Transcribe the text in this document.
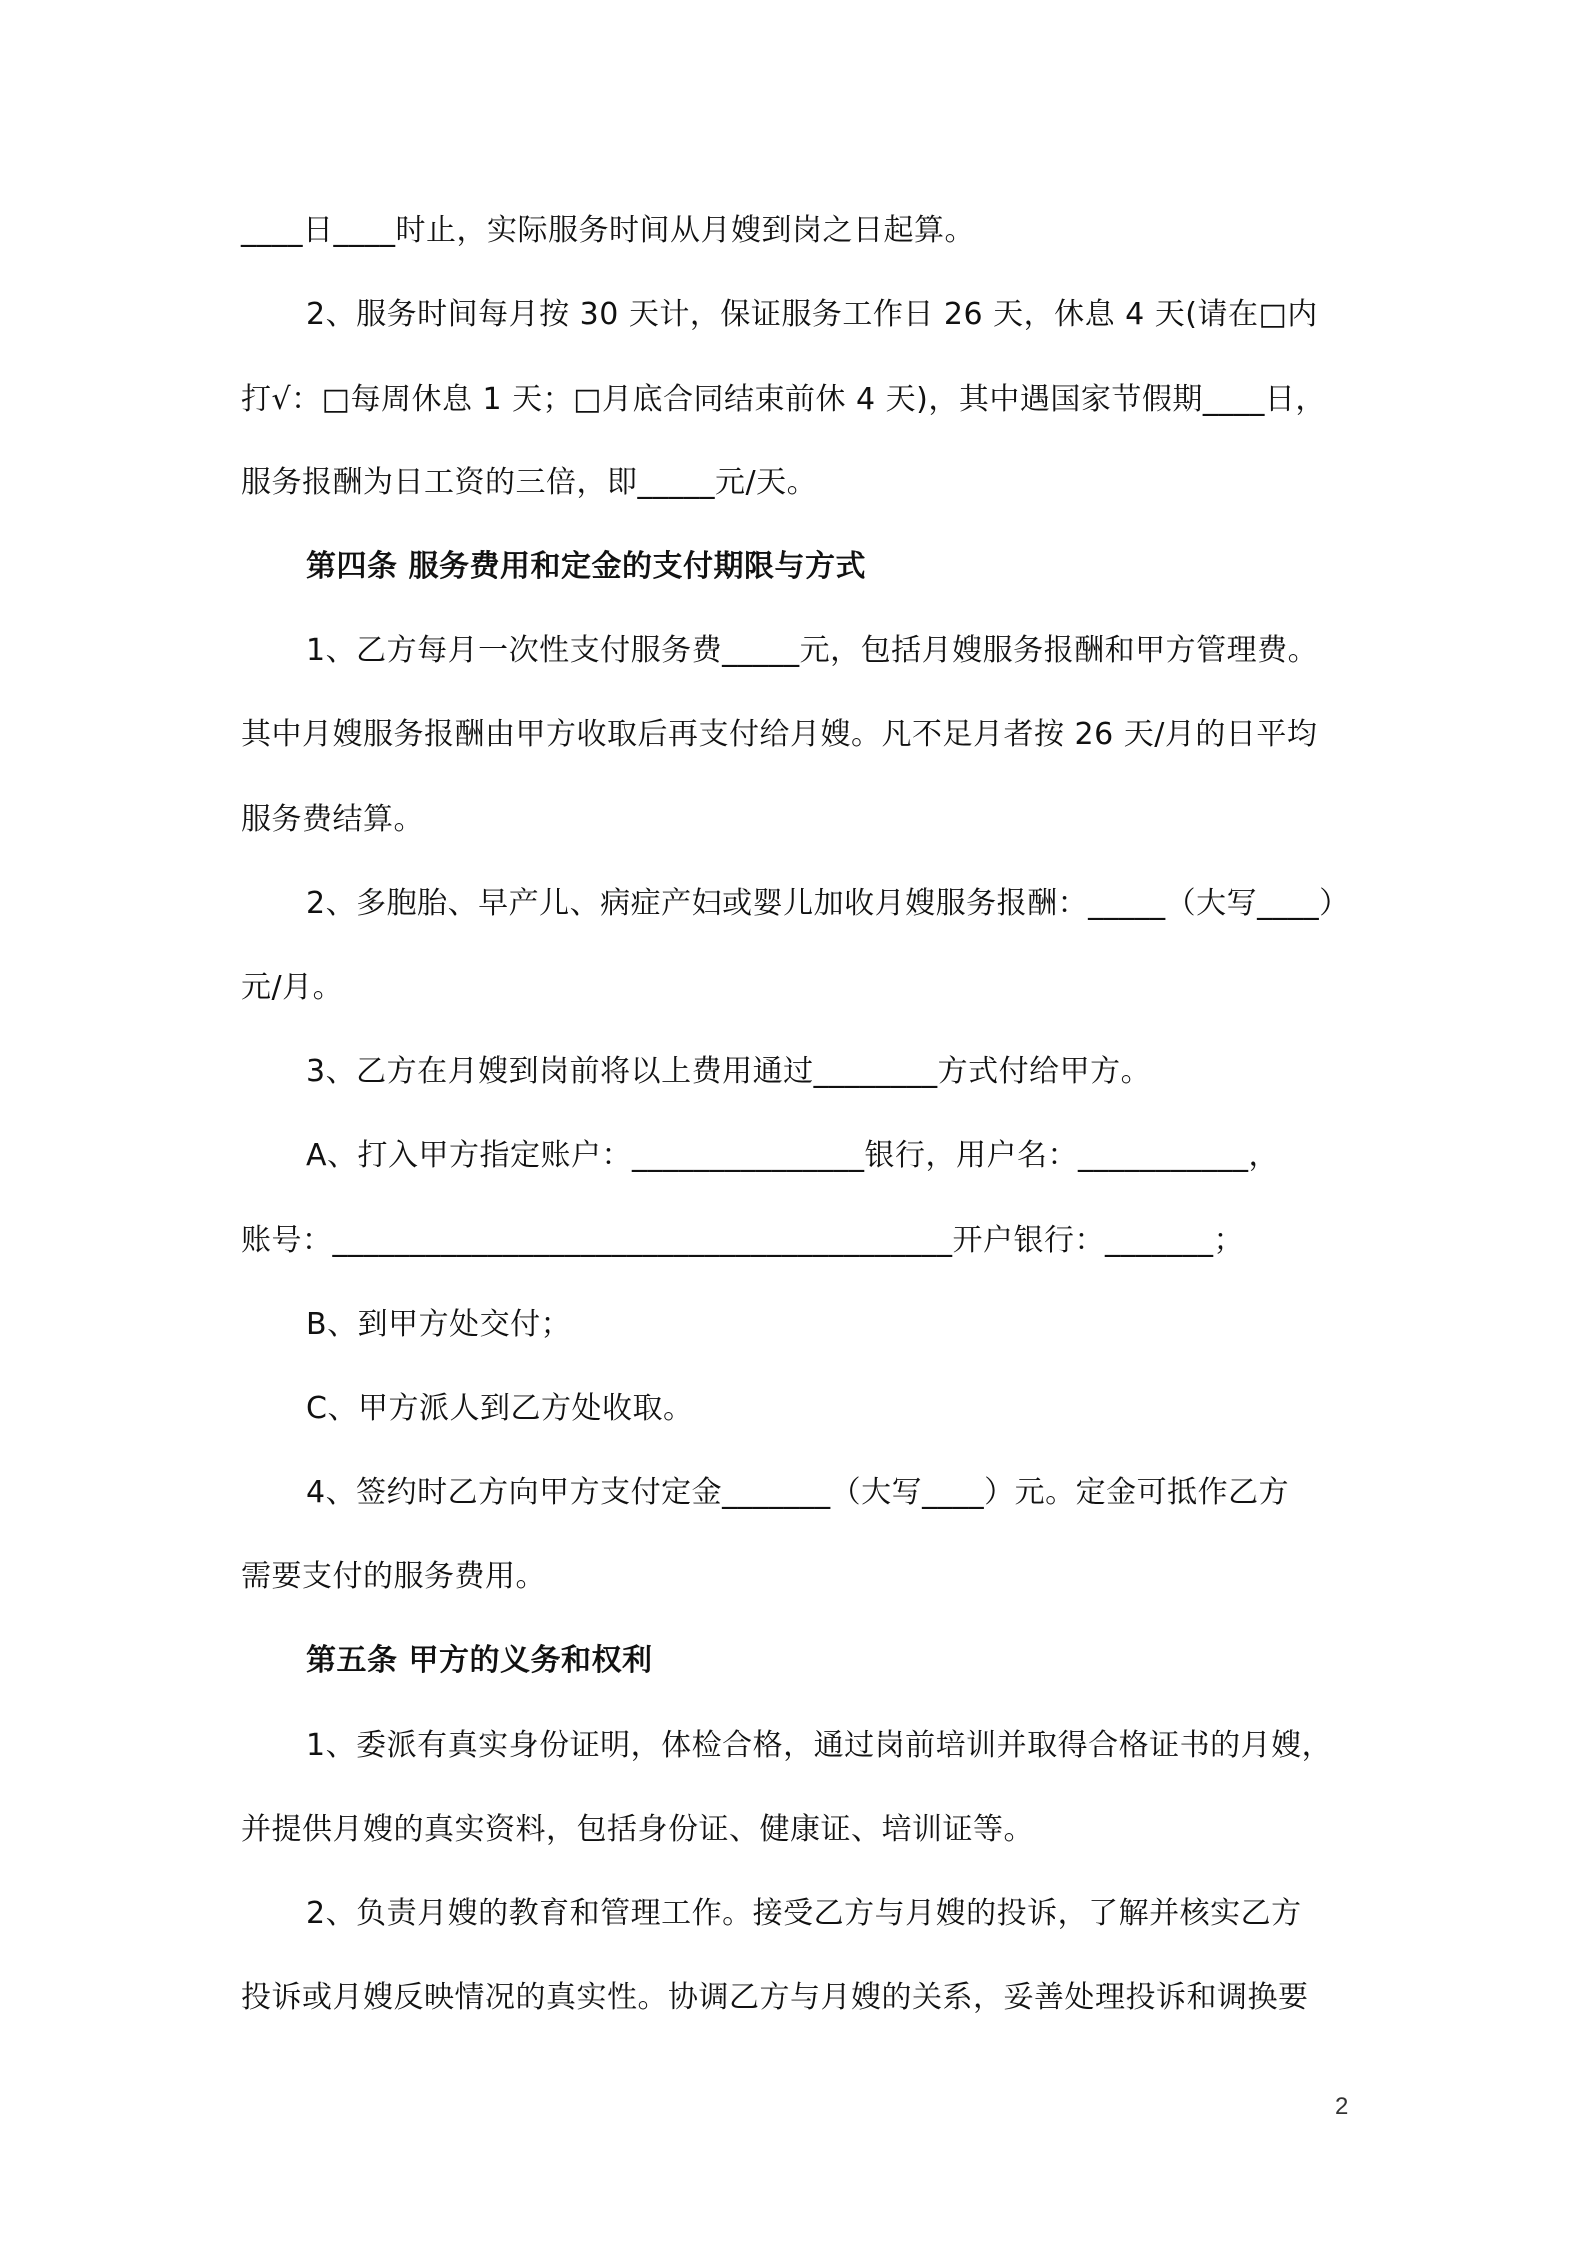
____日____时止，实际服务时间从月嫂到岗之日起算。
2、服务时间每月按 30 天计，保证服务工作日 26 天，休息 4 天(请在□内
打√：□每周休息 1 天；□月底合同结束前休 4 天)，其中遇国家节假期____日，
服务报酬为日工资的三倍，即_____元/天。
第四条 服务费用和定金的支付期限与方式
1、乙方每月一次性支付服务费_____元，包括月嫂服务报酬和甲方管理费。
其中月嫂服务报酬由甲方收取后再支付给月嫂。凡不足月者按 26 天/月的日平均
服务费结算。
2、多胞胎、早产儿、病症产妇或婴儿加收月嫂服务报酬：_____（大写____）
元/月。
3、乙方在月嫂到岗前将以上费用通过________方式付给甲方。
A、打入甲方指定账户：_______________银行，用户名：___________，
账号：________________________________________开户银行：_______；
B、到甲方处交付；
C、甲方派人到乙方处收取。
4、签约时乙方向甲方支付定金_______（大写____）元。定金可抵作乙方
需要支付的服务费用。
第五条 甲方的义务和权利
1、委派有真实身份证明，体检合格，通过岗前培训并取得合格证书的月嫂，
并提供月嫂的真实资料，包括身份证、健康证、培训证等。
2、负责月嫂的教育和管理工作。接受乙方与月嫂的投诉，了解并核实乙方
投诉或月嫂反映情况的真实性。协调乙方与月嫂的关系，妥善处理投诉和调换要
2
